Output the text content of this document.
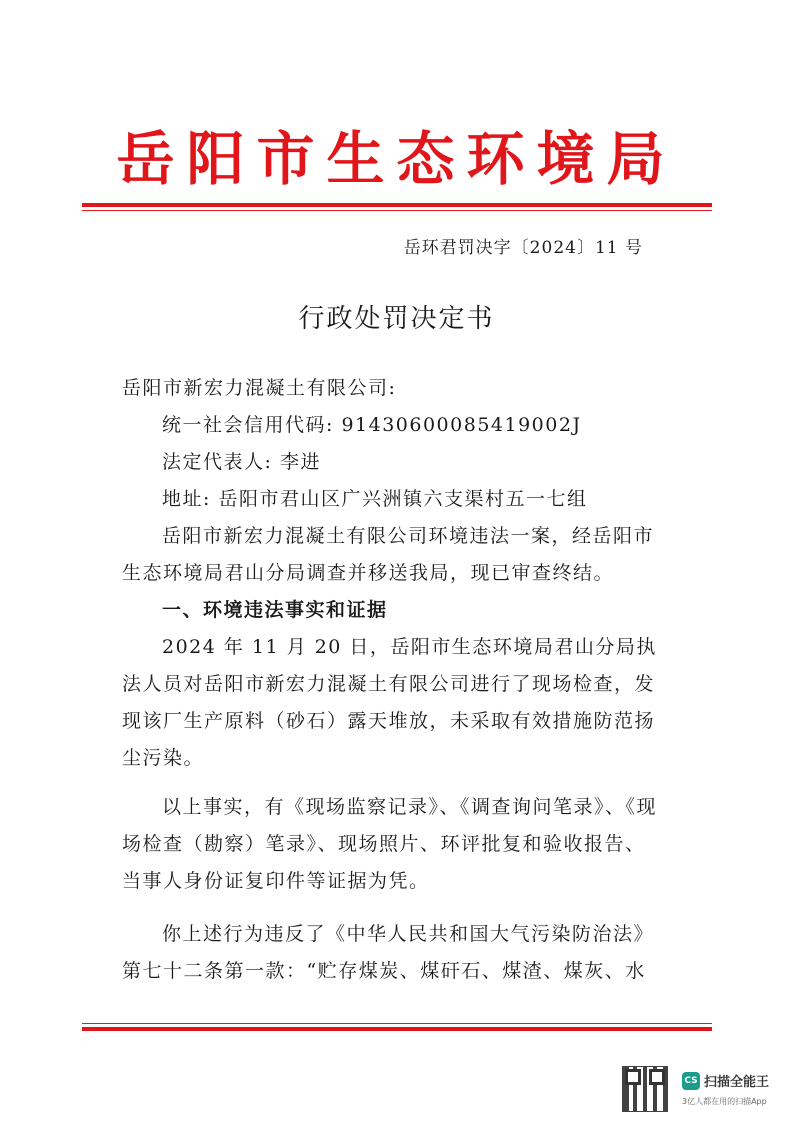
岳阳市生态环境局
岳环君罚决字〔2024〕11 号
行政处罚决定书

岳阳市新宏力混凝土有限公司:

统一社会信用代码: 91430600085419002J

法定代表人: 李进

地址: 岳阳市君山区广兴洲镇六支渠村五一七组

岳阳市新宏力混凝土有限公司环境违法一案，经岳阳市生态环境局君山分局调查并移送我局，现已审查终结。

一、环境违法事实和证据

2024 年 11 月 20 日，岳阳市生态环境局君山分局执法人员对岳阳市新宏力混凝土有限公司进行了现场检查，发现该厂生产原料（砂石）露天堆放，未采取有效措施防范扬尘污染。

以上事实，有《现场监察记录》、《调查询问笔录》、《现场检查（勘察）笔录》、现场照片、环评批复和验收报告、当事人身份证复印件等证据为凭。

你上述行为违反了《中华人民共和国大气污染防治法》第七十二条第一款：“贮存煤炭、煤矸石、煤渣、煤灰、水

CS 扫描全能王
3亿人都在用的扫描App
